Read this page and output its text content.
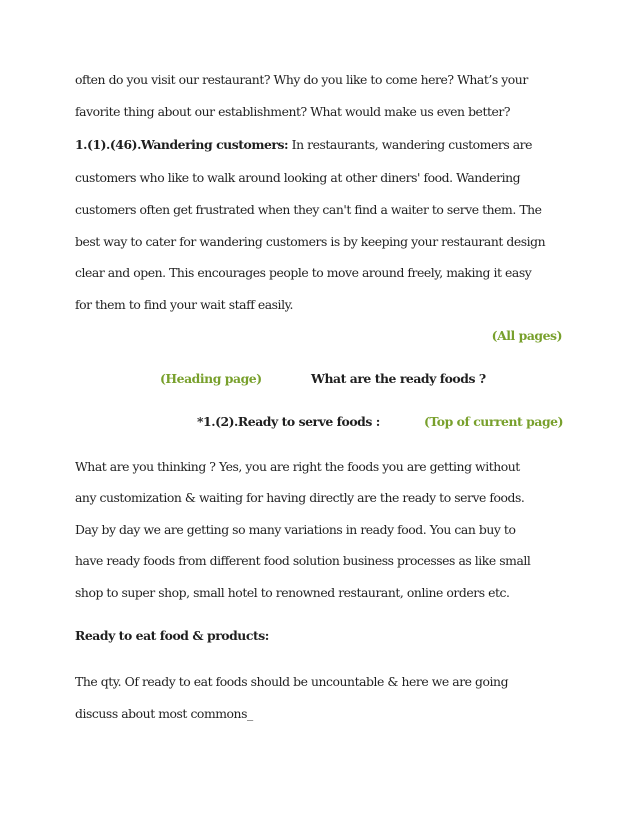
often do you visit our restaurant? Why do you like to come here? What’s your
favorite thing about our establishment? What would make us even better?
1.(1).(46).Wandering customers: In restaurants, wandering customers are
customers who like to walk around looking at other diners' food. Wandering
customers often get frustrated when they can't find a waiter to serve them. The
best way to cater for wandering customers is by keeping your restaurant design
clear and open. This encourages people to move around freely, making it easy
for them to find your wait staff easily.
(All pages)
(Heading page)	What are the ready foods ?
*1.(2).Ready to serve foods :	(Top of current page)
What are you thinking ? Yes, you are right the foods you are getting without
any customization & waiting for having directly are the ready to serve foods.
Day by day we are getting so many variations in ready food. You can buy to
have ready foods from different food solution business processes as like small
shop to super shop, small hotel to renowned restaurant, online orders etc.
Ready to eat food & products:
The qty. Of ready to eat foods should be uncountable & here we are going
discuss about most commons_
